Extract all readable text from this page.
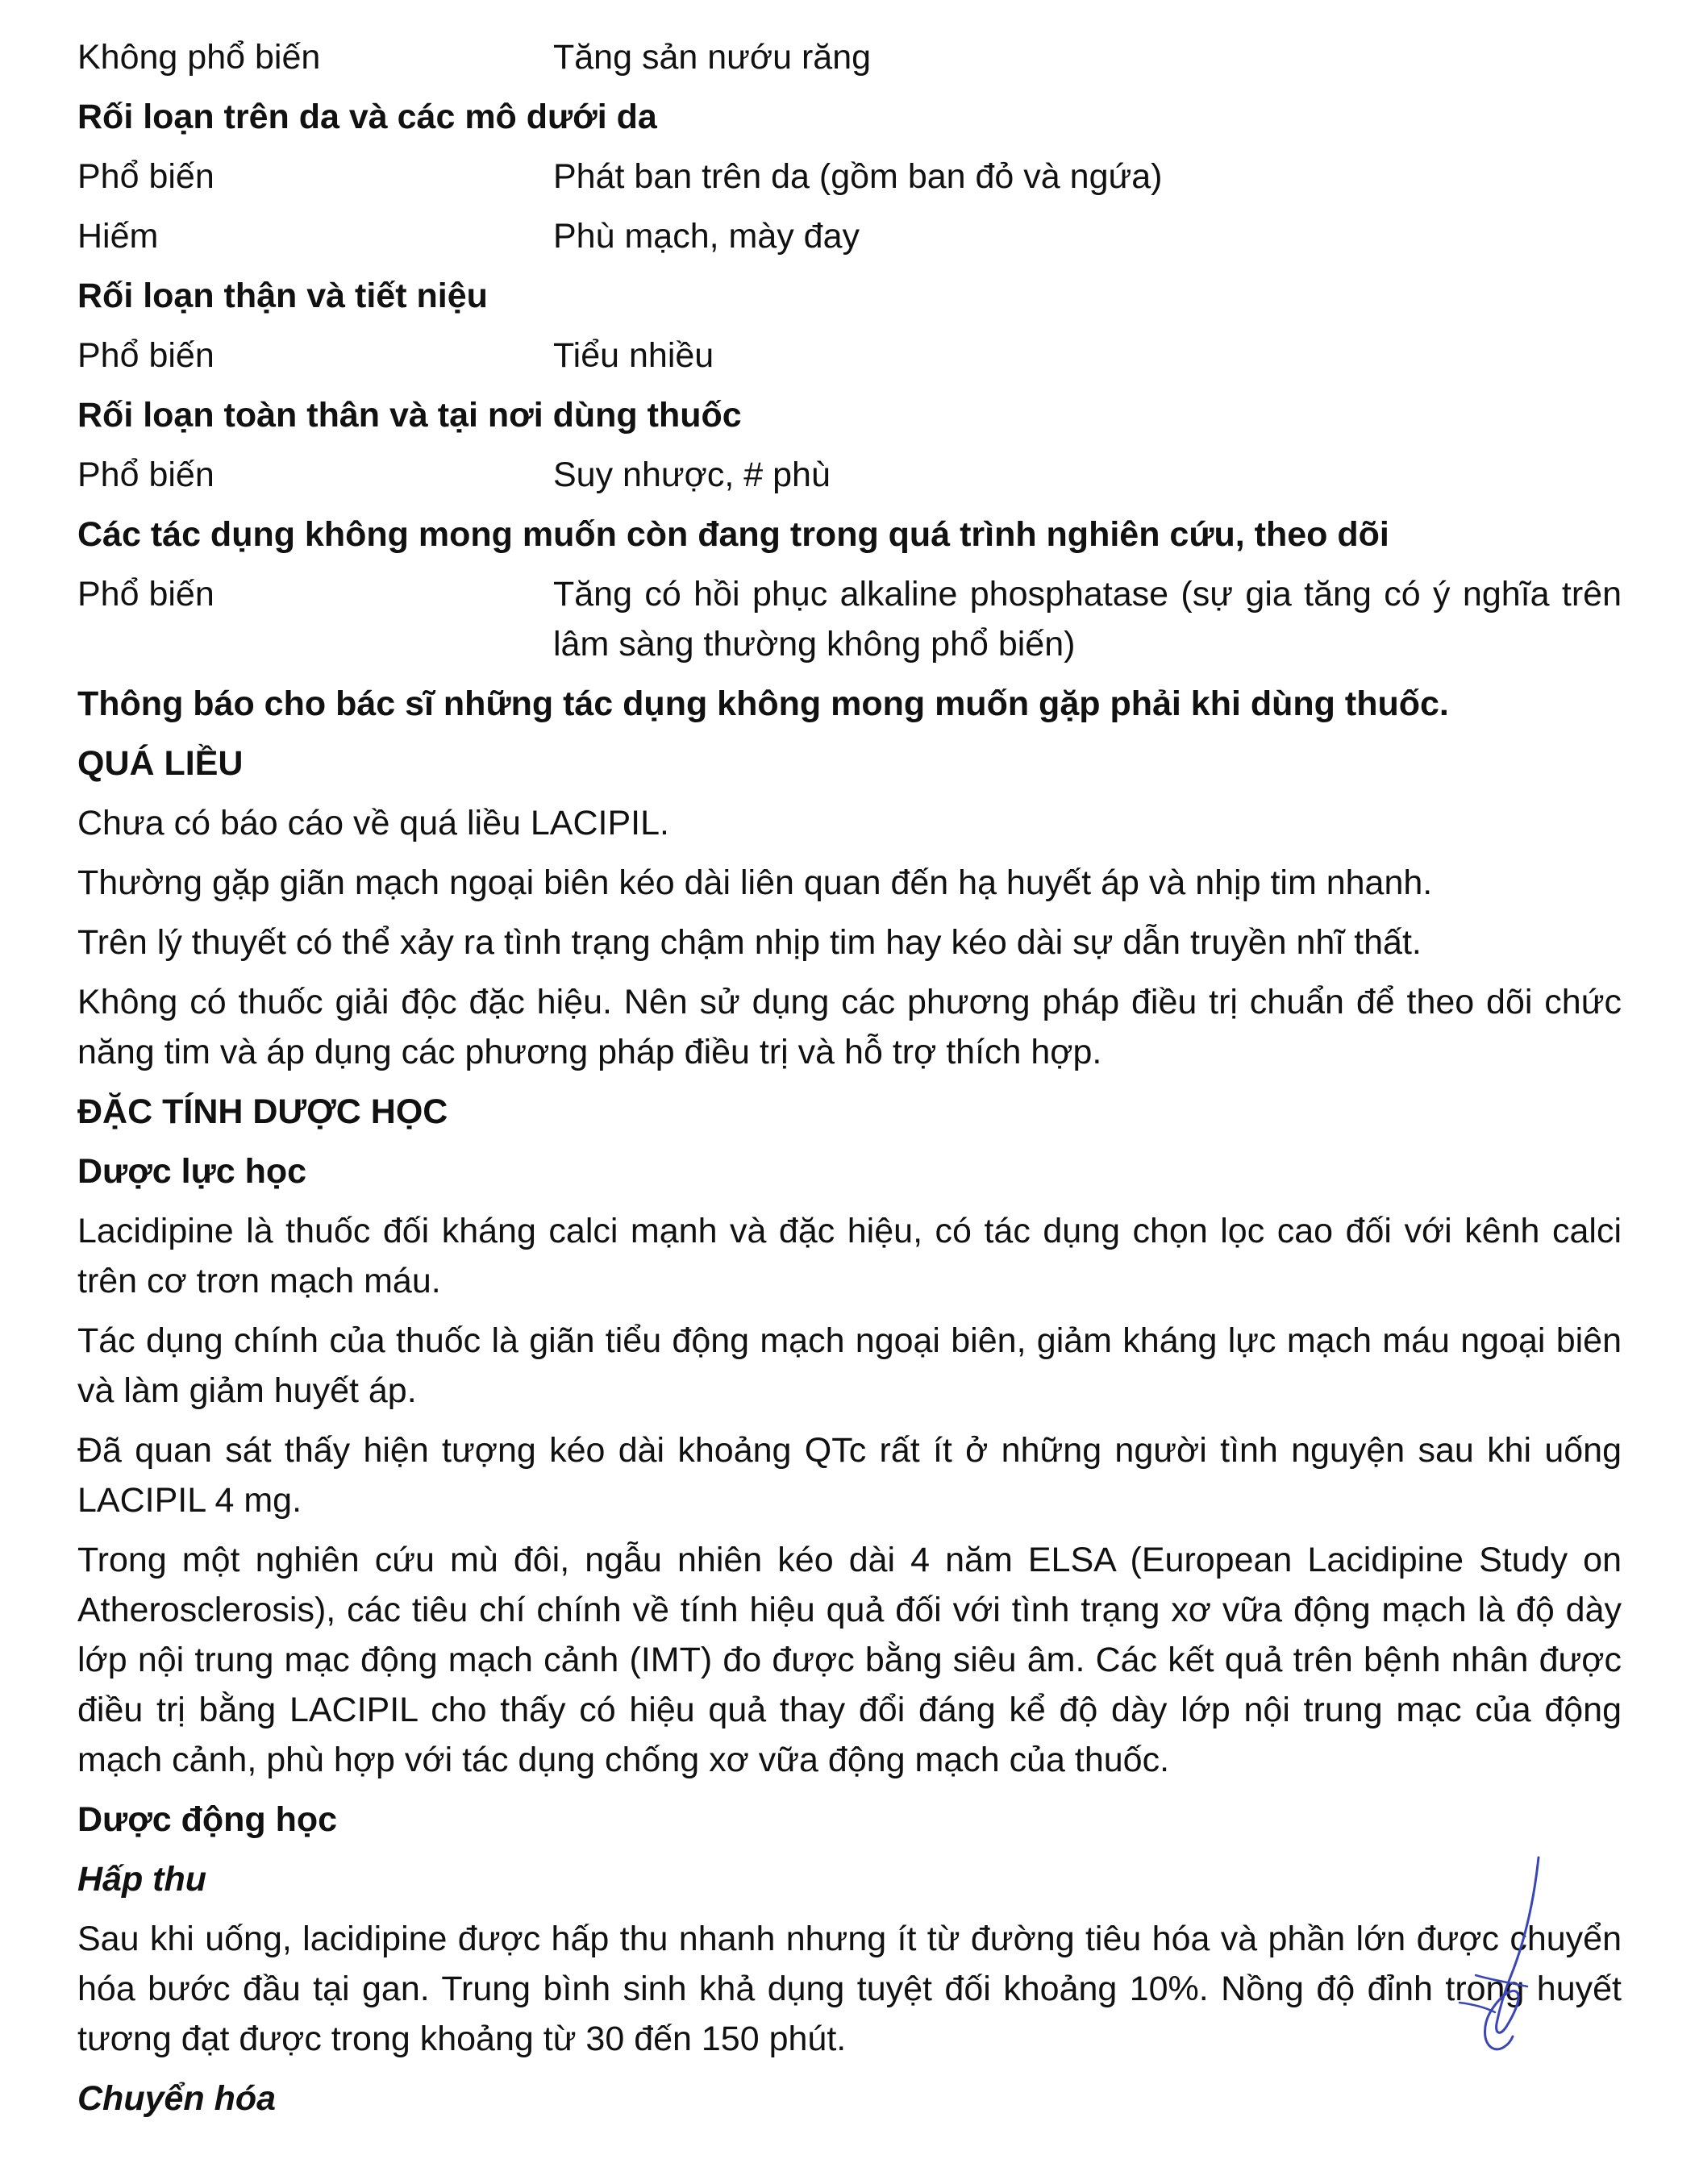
Không phổ biến	Tăng sản nướu răng
Rối loạn trên da và các mô dưới da
Phổ biến	Phát ban trên da (gồm ban đỏ và ngứa)
Hiếm	Phù mạch, mày đay
Rối loạn thận và tiết niệu
Phổ biến	Tiểu nhiều
Rối loạn toàn thân và tại nơi dùng thuốc
Phổ biến	Suy nhược, # phù
Các tác dụng không mong muốn còn đang trong quá trình nghiên cứu, theo dõi
Phổ biến	Tăng có hồi phục alkaline phosphatase (sự gia tăng có ý nghĩa trên lâm sàng thường không phổ biến)
Thông báo cho bác sĩ những tác dụng không mong muốn gặp phải khi dùng thuốc.
QUÁ LIỀU

Chưa có báo cáo về quá liều LACIPIL.

Thường gặp giãn mạch ngoại biên kéo dài liên quan đến hạ huyết áp và nhịp tim nhanh.

Trên lý thuyết có thể xảy ra tình trạng chậm nhịp tim hay kéo dài sự dẫn truyền nhĩ thất.

Không có thuốc giải độc đặc hiệu. Nên sử dụng các phương pháp điều trị chuẩn để theo dõi chức năng tim và áp dụng các phương pháp điều trị và hỗ trợ thích hợp.

ĐẶC TÍNH DƯỢC HỌC
Dược lực học

Lacidipine là thuốc đối kháng calci mạnh và đặc hiệu, có tác dụng chọn lọc cao đối với kênh calci trên cơ trơn mạch máu.

Tác dụng chính của thuốc là giãn tiểu động mạch ngoại biên, giảm kháng lực mạch máu ngoại biên và làm giảm huyết áp.

Đã quan sát thấy hiện tượng kéo dài khoảng QTc rất ít ở những người tình nguyện sau khi uống LACIPIL 4 mg.

Trong một nghiên cứu mù đôi, ngẫu nhiên kéo dài 4 năm ELSA (European Lacidipine Study on Atherosclerosis), các tiêu chí chính về tính hiệu quả đối với tình trạng xơ vữa động mạch là độ dày lớp nội trung mạc động mạch cảnh (IMT) đo được bằng siêu âm. Các kết quả trên bệnh nhân được điều trị bằng LACIPIL cho thấy có hiệu quả thay đổi đáng kể độ dày lớp nội trung mạc của động mạch cảnh, phù hợp với tác dụng chống xơ vữa động mạch của thuốc.

Dược động học
Hấp thu

Sau khi uống, lacidipine được hấp thu nhanh nhưng ít từ đường tiêu hóa và phần lớn được chuyển hóa bước đầu tại gan. Trung bình sinh khả dụng tuyệt đối khoảng 10%. Nồng độ đỉnh trong huyết tương đạt được trong khoảng từ 30 đến 150 phút.

Chuyển hóa
